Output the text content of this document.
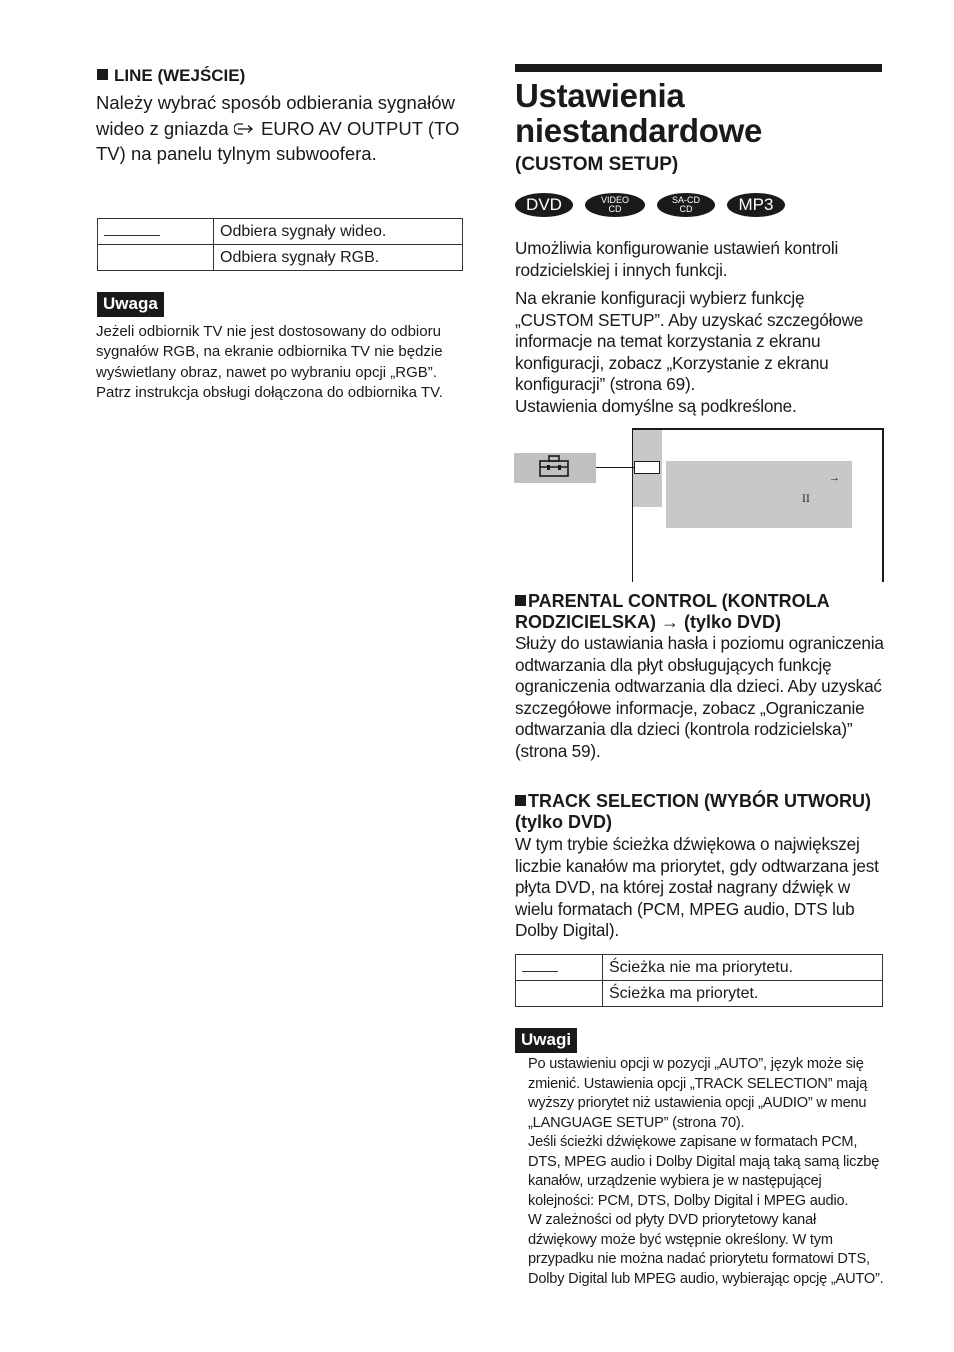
LINE (WEJŚCIE)
Należy wybrać sposób odbierania sygnałów wideo z gniazda EURO AV OUTPUT (TO TV) na panelu tylnym subwoofera.
	Odbiera sygnały wideo.
	Odbiera sygnały RGB.
Uwaga
Jeżeli odbiornik TV nie jest dostosowany do odbioru sygnałów RGB, na ekranie odbiornika TV nie będzie wyświetlany obraz, nawet po wybraniu opcji „RGB”. Patrz instrukcja obsługi dołączona do odbiornika TV.
Ustawienia
niestandardowe
(CUSTOM SETUP)
DVD	VIDEO
CD
SA-CD
CD	MP3
Umożliwia konfigurowanie ustawień kontroli rodzicielskiej i innych funkcji.
Na ekranie konfiguracji wybierz funkcję „CUSTOM SETUP”. Aby uzyskać szczegółowe informacje na temat korzystania z ekranu konfiguracji, zobacz „Korzystanie z ekranu konfiguracji” (strona 69).
Ustawienia domyślne są podkreślone.
→
II
PARENTAL CONTROL (KONTROLA RODZICIELSKA) → (tylko DVD)
Służy do ustawiania hasła i poziomu ograniczenia odtwarzania dla płyt obsługujących funkcję ograniczenia odtwarzania dla dzieci. Aby uzyskać szczegółowe informacje, zobacz „Ograniczanie odtwarzania dla dzieci (kontrola rodzicielska)” (strona 59).
TRACK SELECTION (WYBÓR UTWORU) (tylko DVD)
W tym trybie ścieżka dźwiękowa o największej liczbie kanałów ma priorytet, gdy odtwarzana jest płyta DVD, na której został nagrany dźwięk w wielu formatach (PCM, MPEG audio, DTS lub Dolby Digital).
	Ścieżka nie ma priorytetu.
	Ścieżka ma priorytet.
Uwagi
Po ustawieniu opcji w pozycji „AUTO”, język może się zmienić. Ustawienia opcji „TRACK SELECTION” mają wyższy priorytet niż ustawienia opcji „AUDIO” w menu „LANGUAGE SETUP” (strona 70).
Jeśli ścieżki dźwiękowe zapisane w formatach PCM, DTS, MPEG audio i Dolby Digital mają taką samą liczbę kanałów, urządzenie wybiera je w następującej kolejności: PCM, DTS, Dolby Digital i MPEG audio.
W zależności od płyty DVD priorytetowy kanał dźwiękowy może być wstępnie określony. W tym przypadku nie można nadać priorytetu formatowi DTS, Dolby Digital lub MPEG audio, wybierając opcję „AUTO”.
